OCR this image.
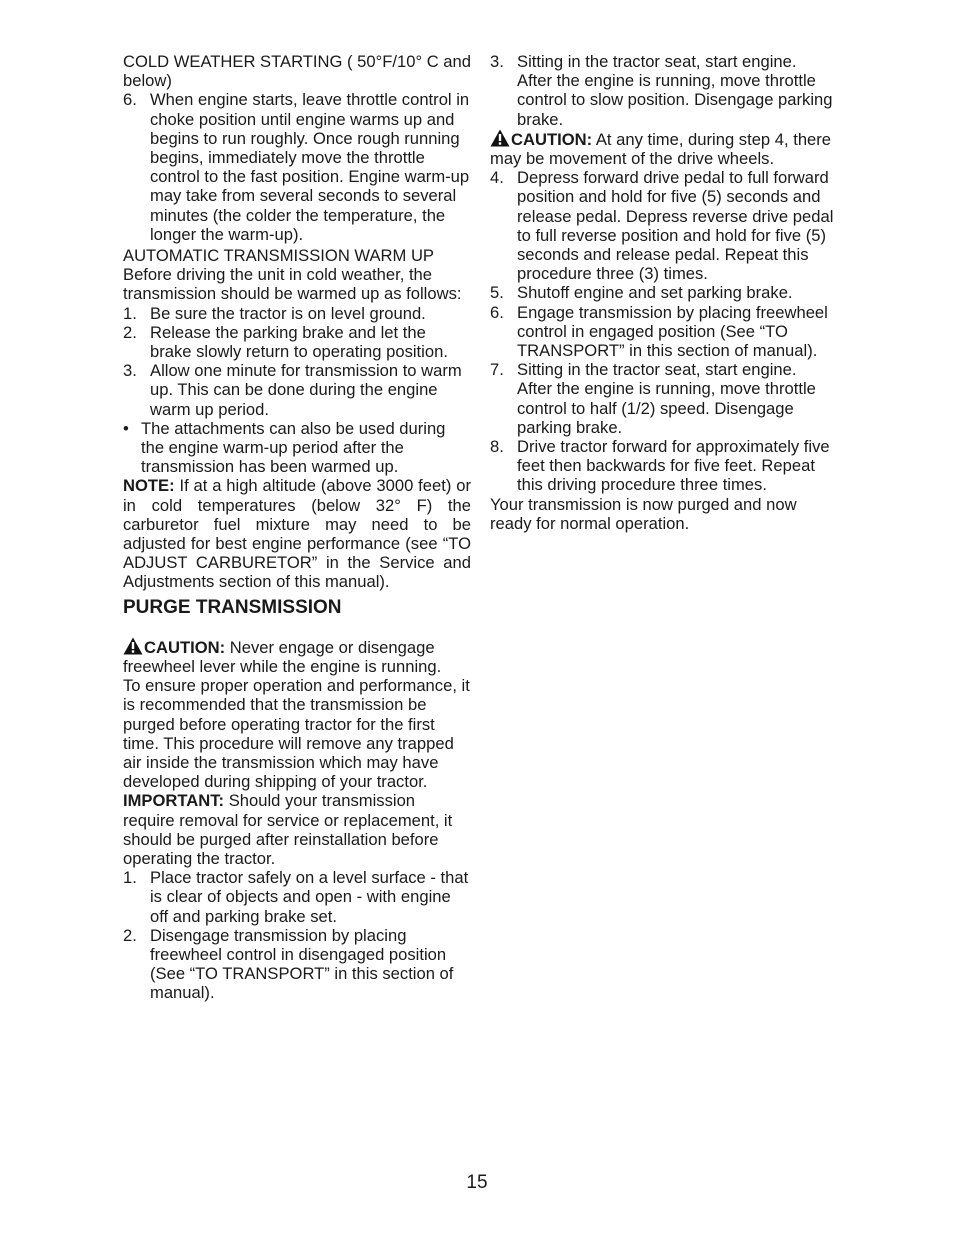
COLD WEATHER STARTING ( 50°F/10° C and below)

6. When engine starts, leave throttle control in choke position until engine warms up and begins to run roughly. Once rough running begins, immediately move the throttle control to the fast position. Engine warm-up may take from several seconds to several minutes (the colder the temperature, the longer the warm-up).

AUTOMATIC TRANSMISSION WARM UP

Before driving the unit in cold weather, the transmission should be warmed up as follows:

1. Be sure the tractor is on level ground.
2. Release the parking brake and let the brake slowly return to operating position.
3. Allow one minute for transmission to warm up. This can be done during the engine warm up period.
• The attachments can also be used during the engine warm-up period after the transmission has been warmed up.

NOTE: If at a high altitude (above 3000 feet) or in cold temperatures (below 32° F) the carburetor fuel mixture may need to be adjusted for best engine performance (see “TO ADJUST CARBURETOR” in the Service and Adjustments section of this manual).

PURGE TRANSMISSION

CAUTION: Never engage or disengage freewheel lever while the engine is running.

To ensure proper operation and performance, it is recommended that the transmission be purged before operating tractor for the first time. This procedure will remove any trapped air inside the transmission which may have developed during shipping of your tractor.

IMPORTANT: Should your transmission require removal for service or replacement, it should be purged after reinstallation before operating the tractor.

1. Place tractor safely on a level surface - that is clear of objects and open - with engine off and parking brake set.
2. Disengage transmission by placing freewheel control in disengaged position (See “TO TRANSPORT” in this section of manual).
3. Sitting in the tractor seat, start engine. After the engine is running, move throttle control to slow position. Disengage parking brake.

CAUTION: At any time, during step 4, there may be movement of the drive wheels.

4. Depress forward drive pedal to full forward position and hold for five (5) seconds and release pedal. Depress reverse drive pedal to full reverse position and hold for five (5) seconds and release pedal. Repeat this procedure three (3) times.
5. Shutoff engine and set parking brake.
6. Engage transmission by placing freewheel control in engaged position (See “TO TRANSPORT” in this section of manual).
7. Sitting in the tractor seat, start engine. After the engine is running, move throttle control to half (1/2) speed. Disengage parking brake.
8. Drive tractor forward for approximately five feet then backwards for five feet. Repeat this driving procedure three times.

Your transmission is now purged and now ready for normal operation.

15
